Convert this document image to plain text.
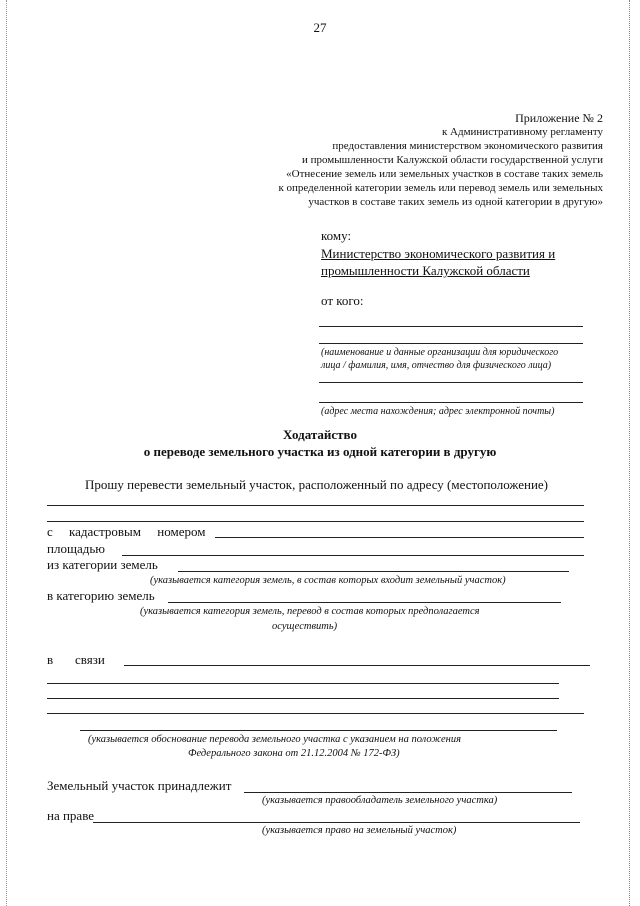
27
Приложение № 2
к Административному регламенту
предоставления министерством экономического развития
и промышленности Калужской области государственной услуги
«Отнесение земель или земельных участков в составе таких земель
к определенной категории земель или перевод земель или земельных
участков в составе таких земель из одной категории в другую»
кому:
Министерство экономического развития и
промышленности Калужской области
от кого:
(наименование и данные организации для юридического
лица / фамилия, имя, отчество для физического лица)
(адрес места нахождения; адрес электронной почты)
Ходатайство
о переводе земельного участка из одной категории в другую
Прошу перевести земельный участок, расположенный по адресу (местоположение)
с     кадастровым     номером
площадью
из категории земель
(указывается категория земель, в состав которых входит земельный участок)
в категорию земель
(указывается категория земель, перевод в состав которых предполагается
осуществить)
в связи
(указывается обоснование перевода земельного участка с указанием на положения
Федерального закона от 21.12.2004 № 172-ФЗ)
Земельный участок принадлежит
(указывается правообладатель земельного участка)
на праве
(указывается право на земельный участок)
